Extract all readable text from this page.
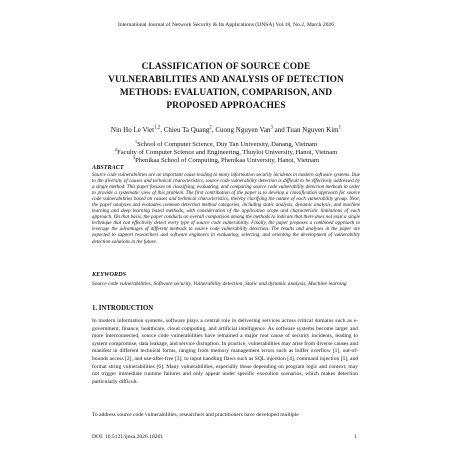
International Journal of Network Security & Its Applications (IJNSA) Vol.18, No.2, March 2026
CLASSIFICATION OF SOURCE CODE
VULNERABILITIES AND ANALYSIS OF DETECTION
METHODS: EVALUATION, COMPARISON, AND
PROPOSED APPROACHES
Nin Ho Le Viet$^{1,2}$, Chieu Ta Quang$^2$, Cuong Nguyen Van$^3$ and Tuan Nguyen Kim$^1$
$^1$School of Computer Science, Duy Tan University, Danang, Vietnam
$^2$Faculty of Computer Science and Engineering, Thuyloi University, Hanoi, Vietnam
$^3$Phenikaa School of Computing, Phenikaa University, Hanoi, Vietnam
ABSTRACT
Source code vulnerabilities are an important cause leading to many information security incidents in modern software systems. Due to the diversity of causes and technical characteristics, source code vulnerability detection is difficult to be effectively addressed by a single method. This paper focuses on classifying, evaluating, and comparing source code vulnerability detection methods in order to provide a systematic view of this problem. The first contribution of the paper is to develop a classification approach for source code vulnerabilities based on causes and technical characteristics, thereby clarifying the nature of each vulnerability group. Next, the paper analyzes and evaluates common detection method categories, including static analysis, dynamic analysis, and machine learning and deep learning based methods, with consideration of the application scope and characteristic limitations of each approach. On that basis, the paper conducts an overall comparison among the methods to indicate that there does not exist a single technique that can effectively detect every type of source code vulnerability. Finally, the paper proposes a combined approach to leverage the advantages of different methods in source code vulnerability detection. The results and analyses in the paper are expected to support researchers and software engineers in evaluating, selecting, and orienting the development of vulnerability detection solutions in the future.
KEYWORDS
Source code vulnerabilities, Software security, Vulnerability detection, Static and dynamic analysis, Machine learning
1. INTRODUCTION
In modern information systems, software plays a central role in delivering services across critical domains such as e-government, finance, healthcare, cloud computing, and artificial intelligence. As software systems become larger and more interconnected, source code vulnerabilities have remained a major root cause of security incidents, leading to system compromise, data leakage, and service disruption. In practice, vulnerabilities may arise from diverse causes and manifest in different technical forms, ranging from memory management errors such as buffer overflow [1], out-of-bounds access [2], and use-after-free [3], to input handling flaws such as SQL injection [4], command injection [5], and format string vulnerabilities [6]. Many vulnerabilities, especially those depending on program logic and context, may not trigger immediate runtime failures and only appear under specific execution scenarios, which makes detection particularly difficult.
To address source code vulnerabilities, researchers and practitioners have developed multiple
DOI: 10.5121/ijnsa.2026.18201	1
